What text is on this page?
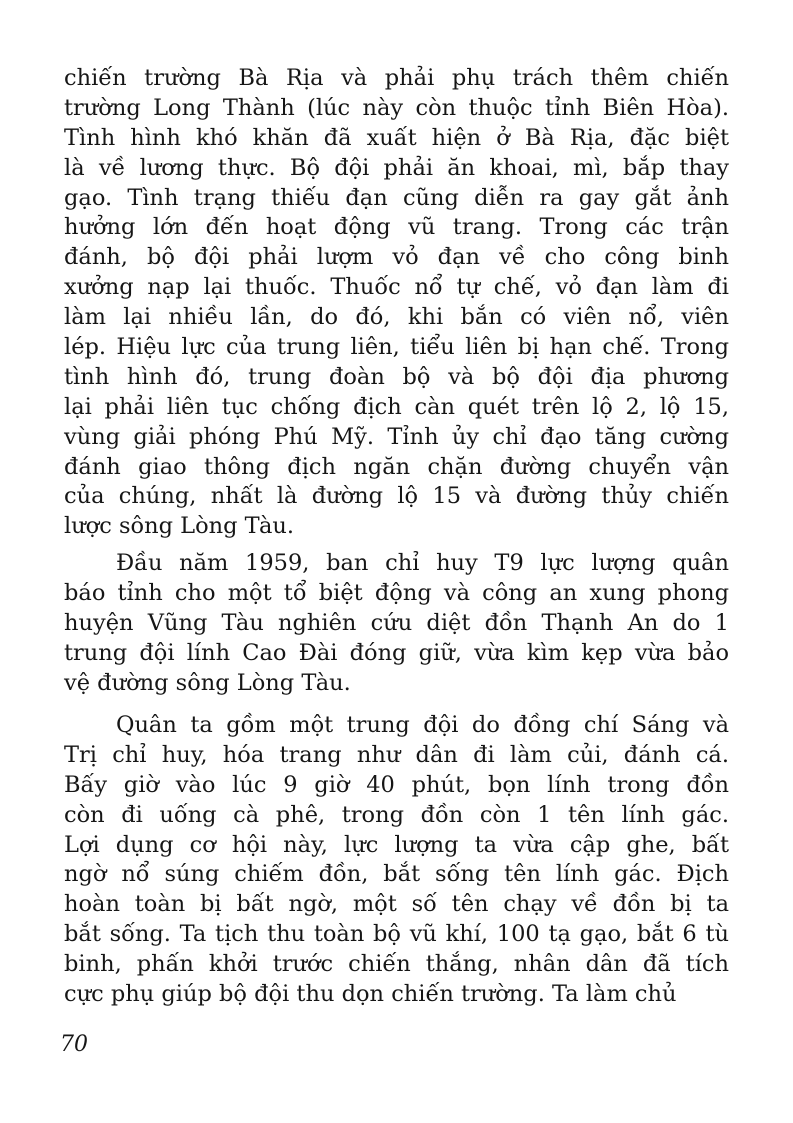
chiến trường Bà Rịa và phải phụ trách thêm chiến
trường Long Thành (lúc này còn thuộc tỉnh Biên Hòa).
Tình hình khó khăn đã xuất hiện ở Bà Rịa, đặc biệt
là về lương thực. Bộ đội phải ăn khoai, mì, bắp thay
gạo. Tình trạng thiếu đạn cũng diễn ra gay gắt ảnh
hưởng lớn đến hoạt động vũ trang. Trong các trận
đánh, bộ đội phải lượm vỏ đạn về cho công binh
xưởng nạp lại thuốc. Thuốc nổ tự chế, vỏ đạn làm đi
làm lại nhiều lần, do đó, khi bắn có viên nổ, viên
lép. Hiệu lực của trung liên, tiểu liên bị hạn chế. Trong
tình hình đó, trung đoàn bộ và bộ đội địa phương
lại phải liên tục chống địch càn quét trên lộ 2, lộ 15,
vùng giải phóng Phú Mỹ. Tỉnh ủy chỉ đạo tăng cường
đánh giao thông địch ngăn chặn đường chuyển vận
của chúng, nhất là đường lộ 15 và đường thủy chiến
lược sông Lòng Tàu.
Đầu năm 1959, ban chỉ huy T9 lực lượng quân
báo tỉnh cho một tổ biệt động và công an xung phong
huyện Vũng Tàu nghiên cứu diệt đồn Thạnh An do 1
trung đội lính Cao Đài đóng giữ, vừa kìm kẹp vừa bảo
vệ đường sông Lòng Tàu.
Quân ta gồm một trung đội do đồng chí Sáng và
Trị chỉ huy, hóa trang như dân đi làm củi, đánh cá.
Bấy giờ vào lúc 9 giờ 40 phút, bọn lính trong đồn
còn đi uống cà phê, trong đồn còn 1 tên lính gác.
Lợi dụng cơ hội này, lực lượng ta vừa cập ghe, bất
ngờ nổ súng chiếm đồn, bắt sống tên lính gác. Địch
hoàn toàn bị bất ngờ, một số tên chạy về đồn bị ta
bắt sống. Ta tịch thu toàn bộ vũ khí, 100 tạ gạo, bắt 6 tù
binh, phấn khởi trước chiến thắng, nhân dân đã tích
cực phụ giúp bộ đội thu dọn chiến trường. Ta làm chủ
70
